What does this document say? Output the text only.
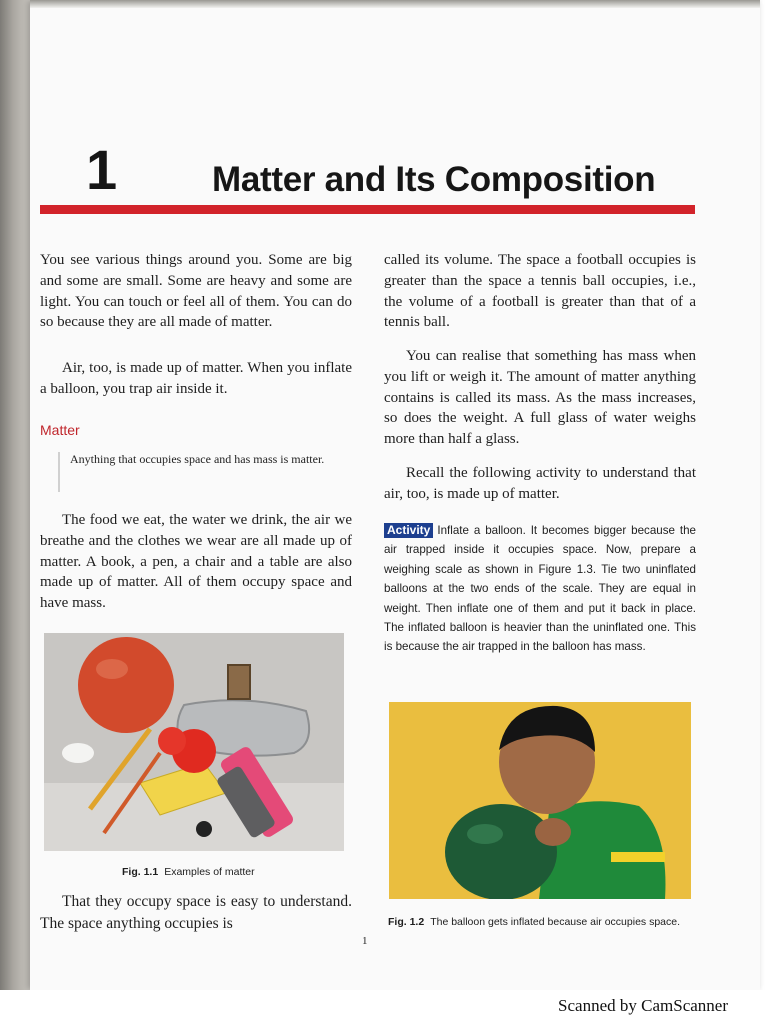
1	Matter and Its Composition

You see various things around you. Some are big and some are small. Some are heavy and some are light. You can touch or feel all of them. You can do so because they are all made of matter.

Air, too, is made up of matter. When you inflate a balloon, you trap air inside it.

Matter
Anything that occupies space and has mass is matter.

The food we eat, the water we drink, the air we breathe and the clothes we wear are all made up of matter. A book, a pen, a chair and a table are also made up of matter. All of them occupy space and have mass.

Fig. 1.1 Examples of matter

That they occupy space is easy to understand. The space anything occupies is

called its volume. The space a football occupies is greater than the space a tennis ball occupies, i.e., the volume of a football is greater than that of a tennis ball.

You can realise that something has mass when you lift or weigh it. The amount of matter anything contains is called its mass. As the mass increases, so does the weight. A full glass of water weighs more than half a glass.

Recall the following activity to understand that air, too, is made up of matter.

Activity Inflate a balloon. It becomes bigger because the air trapped inside it occupies space. Now, prepare a weighing scale as shown in Figure 1.3. Tie two uninflated balloons at the two ends of the scale. They are equal in weight. Then inflate one of them and put it back in place. The inflated balloon is heavier than the uninflated one. This is because the air trapped in the balloon has mass.

Fig. 1.2 The balloon gets inflated because air occupies space.
1
Scanned by CamScanner
